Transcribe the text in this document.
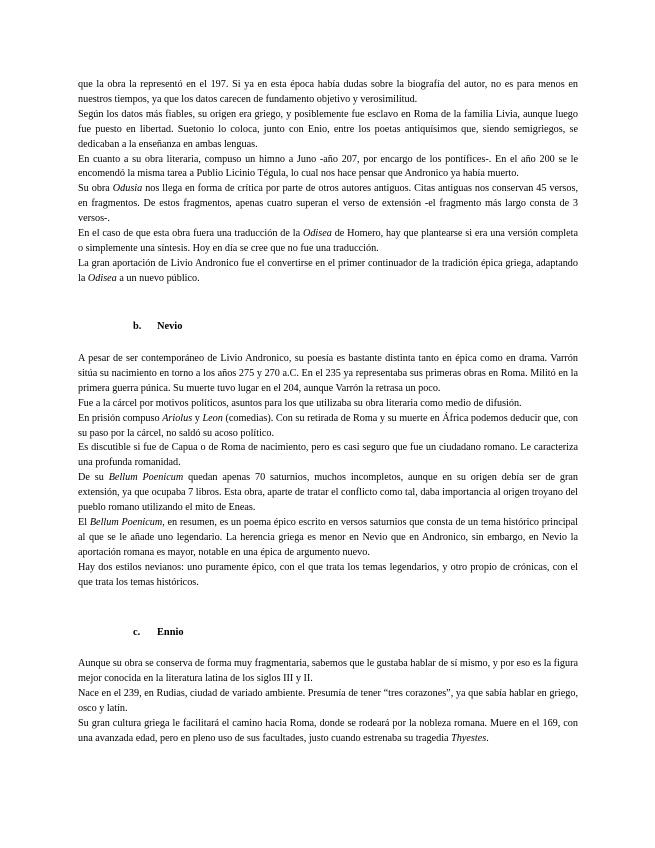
que la obra la representó en el 197. Si ya en esta época había dudas sobre la biografía del autor, no es para menos en nuestros tiempos, ya que los datos carecen de fundamento objetivo y verosimilitud.

Según los datos más fiables, su origen era griego, y posiblemente fue esclavo en Roma de la familia Livia, aunque luego fue puesto en libertad. Suetonio lo coloca, junto con Enio, entre los poetas antiquísimos que, siendo semigriegos, se dedicaban a la enseñanza en ambas lenguas.

En cuanto a su obra literaria, compuso un himno a Juno -año 207, por encargo de los pontífices-. En el año 200 se le encomendó la misma tarea a Publio Licinio Tégula, lo cual nos hace pensar que Andronico ya había muerto.

Su obra Odusia nos llega en forma de crítica por parte de otros autores antiguos. Citas antiguas nos conservan 45 versos, en fragmentos. De estos fragmentos, apenas cuatro superan el verso de extensión -el fragmento más largo consta de 3 versos-.

En el caso de que esta obra fuera una traducción de la Odisea de Homero, hay que plantearse si era una versión completa o simplemente una síntesis. Hoy en día se cree que no fue una traducción.

La gran aportación de Livio Andronico fue el convertirse en el primer continuador de la tradición épica griega, adaptando la Odisea a un nuevo público.

b. Nevio

A pesar de ser contemporáneo de Livio Andronico, su poesía es bastante distinta tanto en épica como en drama. Varrón sitúa su nacimiento en torno a los años 275 y 270 a.C. En el 235 ya representaba sus primeras obras en Roma. Militó en la primera guerra púnica. Su muerte tuvo lugar en el 204, aunque Varrón la retrasa un poco.

Fue a la cárcel por motivos políticos, asuntos para los que utilizaba su obra literaria como medio de difusión.

En prisión compuso Ariolus y Leon (comedias). Con su retirada de Roma y su muerte en África podemos deducir que, con su paso por la cárcel, no saldó su acoso político.

Es discutible si fue de Capua o de Roma de nacimiento, pero es casi seguro que fue un ciudadano romano. Le caracteriza una profunda romanidad.

De su Bellum Poenicum quedan apenas 70 saturnios, muchos incompletos, aunque en su origen debía ser de gran extensión, ya que ocupaba 7 libros. Esta obra, aparte de tratar el conflicto como tal, daba importancia al origen troyano del pueblo romano utilizando el mito de Eneas.

El Bellum Poenicum, en resumen, es un poema épico escrito en versos saturnios que consta de un tema histórico principal al que se le añade uno legendario. La herencia griega es menor en Nevio que en Andronico, sin embargo, en Nevio la aportación romana es mayor, notable en una épica de argumento nuevo.

Hay dos estilos nevianos: uno puramente épico, con el que trata los temas legendarios, y otro propio de crónicas, con el que trata los temas históricos.

c. Ennio

Aunque su obra se conserva de forma muy fragmentaria, sabemos que le gustaba hablar de sí mismo, y por eso es la figura mejor conocida en la literatura latina de los siglos III y II.

Nace en el 239, en Rudias, ciudad de variado ambiente. Presumía de tener “tres corazones”, ya que sabía hablar en griego, osco y latín.

Su gran cultura griega le facilitará el camino hacia Roma, donde se rodeará por la nobleza romana. Muere en el 169, con una avanzada edad, pero en pleno uso de sus facultades, justo cuando estrenaba su tragedia Thyestes.
